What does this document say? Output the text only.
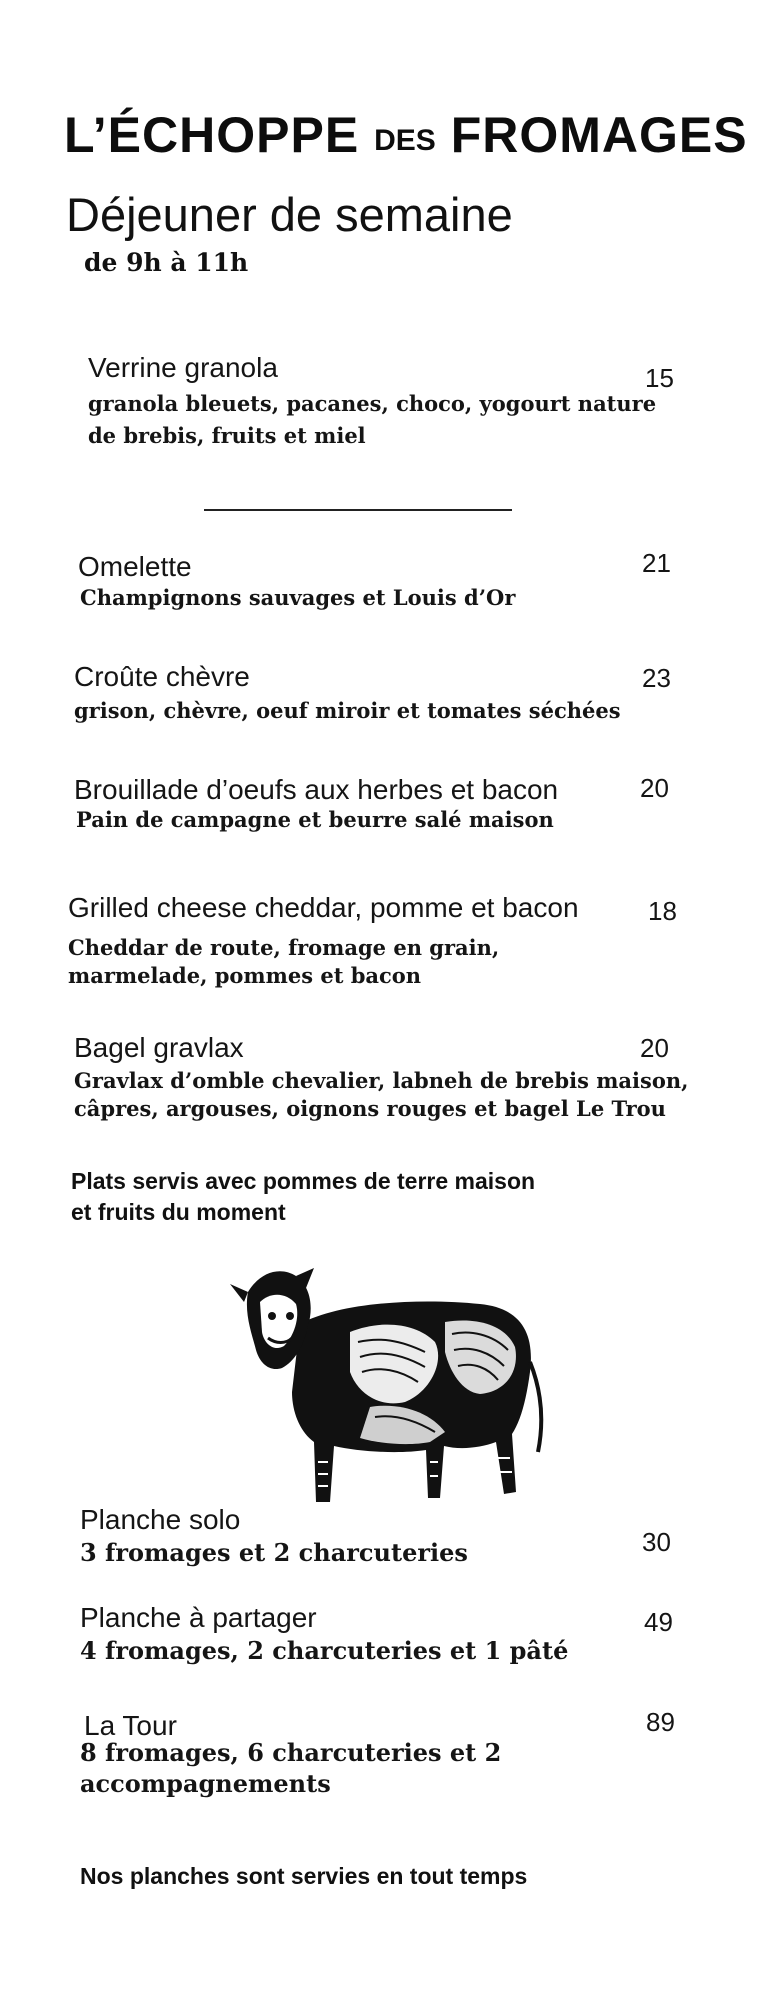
L’ÉCHOPPE DES FROMAGES
Déjeuner de semaine
de 9h à 11h
Verrine granola
granola bleuets, pacanes, choco, yogourt nature
de brebis, fruits et miel
15
Omelette
Champignons sauvages et Louis d’Or
21
Croûte chèvre
grison, chèvre, oeuf miroir et tomates séchées
23
Brouillade d’oeufs aux herbes et bacon
Pain de campagne et beurre salé maison
20
Grilled cheese cheddar, pomme et bacon
Cheddar de route, fromage en grain,
marmelade, pommes et bacon
18
Bagel gravlax
Gravlax d’omble chevalier, labneh de brebis maison,
câpres, argouses, oignons rouges et bagel Le Trou
20
Plats servis avec pommes de terre maison
et fruits du moment
Planche solo
3 fromages et 2 charcuteries	30
Planche à partager
4 fromages, 2 charcuteries et 1 pâté
49
La Tour
8 fromages, 6 charcuteries et 2
accompagnements
89
Nos planches sont servies en tout temps
